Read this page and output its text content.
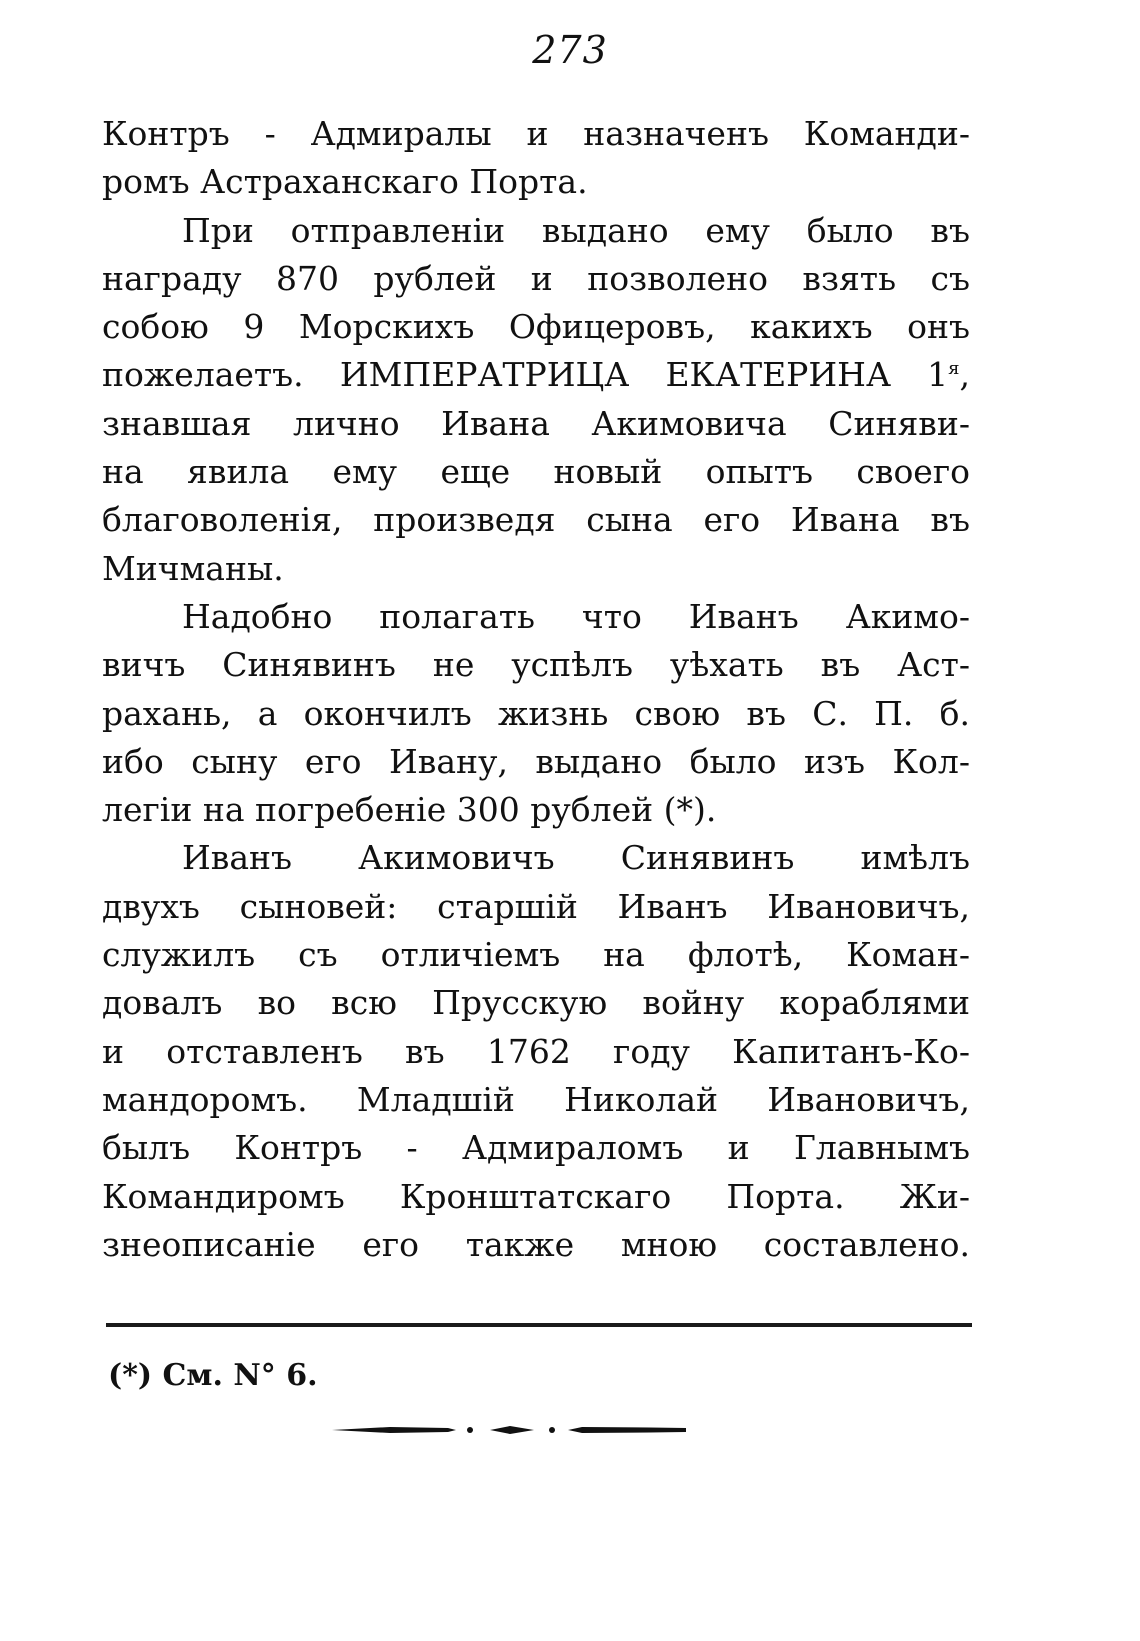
273
Контръ - Адмиралы и назначенъ Команди-
ромъ Астраханскаго Порта.
При отправленіи выдано ему было въ
награду 870 рублей и позволено взять съ
собою 9 Морскихъ Офицеровъ, какихъ онъ
пожелаетъ. ИМПЕРАТРИЦА ЕКАТЕРИНА $1^я$,
знавшая лично Ивана Акимовича Синяви-
на явила ему еще новый опытъ своего
благоволенія, произведя сына его Ивана въ
Мичманы.
Надобно полагать что Иванъ Акимо-
вичъ Синявинъ не успѣлъ уѣхать въ Аст-
рахань, а окончилъ жизнь свою въ С. П. б.
ибо сыну его Ивану, выдано было изъ Кол-
легіи на погребеніе 300 рублей (*).
Иванъ Акимовичъ Синявинъ имѣлъ
двухъ сыновей: старшій Иванъ Ивановичъ,
служилъ съ отличіемъ на флотѣ, Коман-
довалъ во всю Прусскую войну кораблями
и отставленъ въ 1762 году Капитанъ-Ко-
мандоромъ. Младшій Николай Ивановичъ,
былъ Контръ - Адмираломъ и Главнымъ
Командиромъ Кронштатскаго Порта. Жи-
знеописаніе его также мною составлено.
(*) См. N° 6.
